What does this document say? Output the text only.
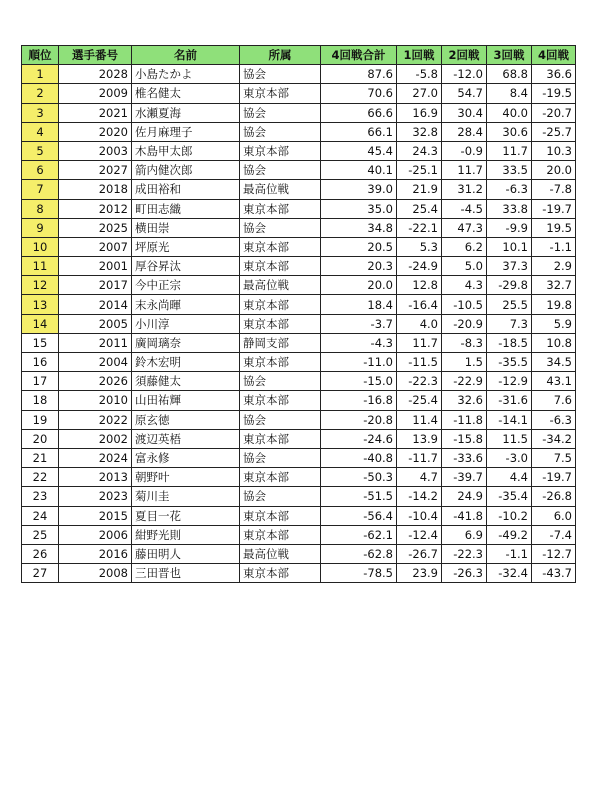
順位	選手番号	名前	所属	4回戦合計	1回戦	2回戦	3回戦	4回戦
1	2028	小島たかよ	協会	87.6	-5.8	-12.0	68.8	36.6
2	2009	椎名健太	東京本部	70.6	27.0	54.7	8.4	-19.5
3	2021	水瀬夏海	協会	66.6	16.9	30.4	40.0	-20.7
4	2020	佐月麻理子	協会	66.1	32.8	28.4	30.6	-25.7
5	2003	木島甲太郎	東京本部	45.4	24.3	-0.9	11.7	10.3
6	2027	箭内健次郎	協会	40.1	-25.1	11.7	33.5	20.0
7	2018	成田裕和	最高位戦	39.0	21.9	31.2	-6.3	-7.8
8	2012	町田志織	東京本部	35.0	25.4	-4.5	33.8	-19.7
9	2025	横田崇	協会	34.8	-22.1	47.3	-9.9	19.5
10	2007	坪原光	東京本部	20.5	5.3	6.2	10.1	-1.1
11	2001	厚谷昇汰	東京本部	20.3	-24.9	5.0	37.3	2.9
12	2017	今中正宗	最高位戦	20.0	12.8	4.3	-29.8	32.7
13	2014	末永尚暉	東京本部	18.4	-16.4	-10.5	25.5	19.8
14	2005	小川淳	東京本部	-3.7	4.0	-20.9	7.3	5.9
15	2011	廣岡璃奈	静岡支部	-4.3	11.7	-8.3	-18.5	10.8
16	2004	鈴木宏明	東京本部	-11.0	-11.5	1.5	-35.5	34.5
17	2026	須藤健太	協会	-15.0	-22.3	-22.9	-12.9	43.1
18	2010	山田祐輝	東京本部	-16.8	-25.4	32.6	-31.6	7.6
19	2022	原玄徳	協会	-20.8	11.4	-11.8	-14.1	-6.3
20	2002	渡辺英梧	東京本部	-24.6	13.9	-15.8	11.5	-34.2
21	2024	富永修	協会	-40.8	-11.7	-33.6	-3.0	7.5
22	2013	朝野叶	東京本部	-50.3	4.7	-39.7	4.4	-19.7
23	2023	菊川圭	協会	-51.5	-14.2	24.9	-35.4	-26.8
24	2015	夏目一花	東京本部	-56.4	-10.4	-41.8	-10.2	6.0
25	2006	紺野光則	東京本部	-62.1	-12.4	6.9	-49.2	-7.4
26	2016	藤田明人	最高位戦	-62.8	-26.7	-22.3	-1.1	-12.7
27	2008	三田晋也	東京本部	-78.5	23.9	-26.3	-32.4	-43.7
